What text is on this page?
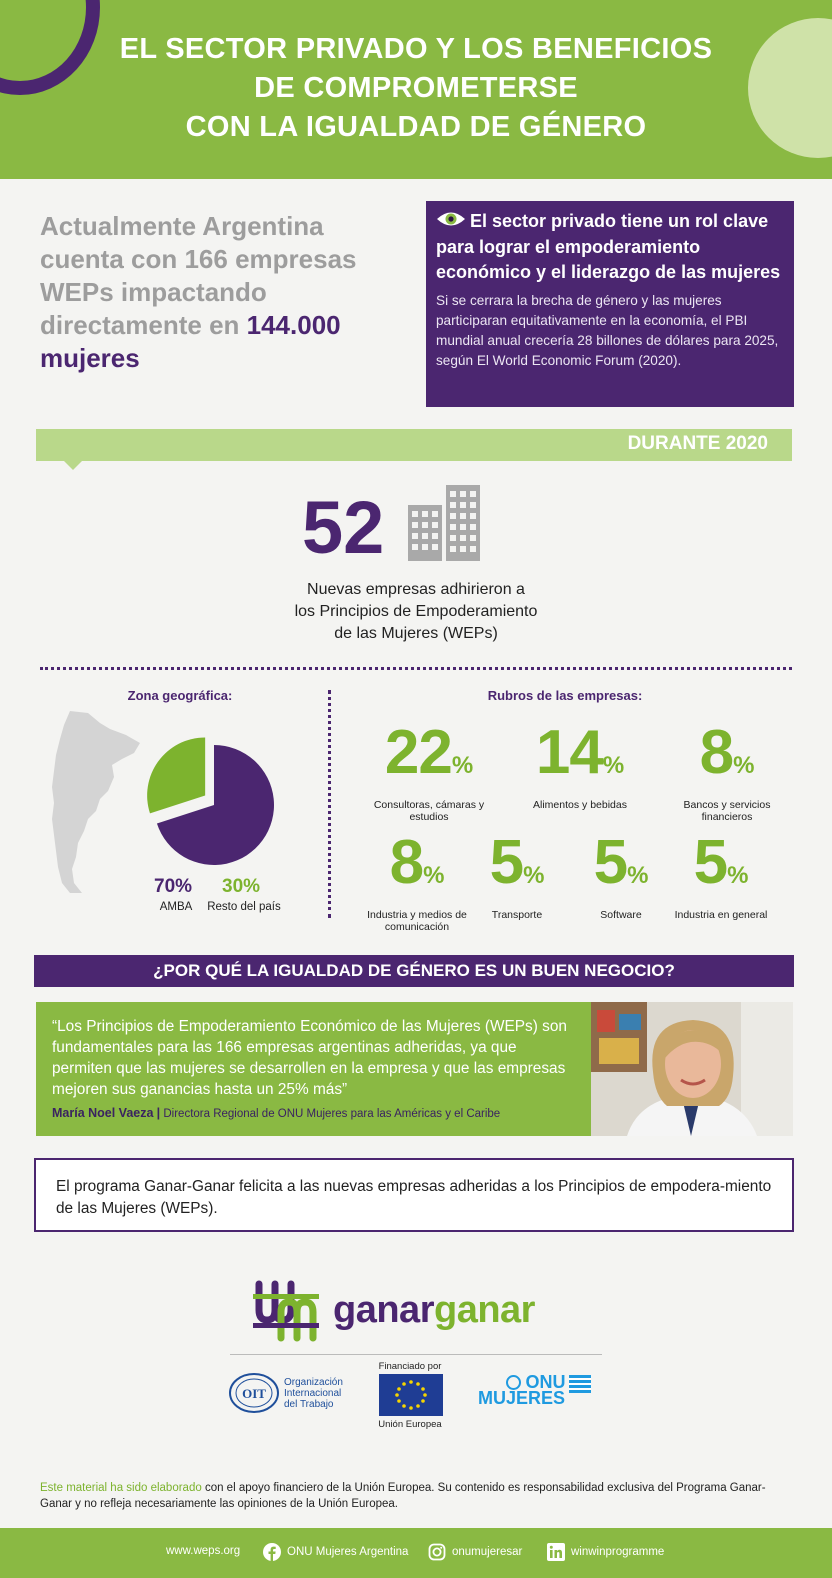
EL SECTOR PRIVADO Y LOS BENEFICIOS
DE COMPROMETERSE
CON LA IGUALDAD DE GÉNERO
Actualmente Argentina cuenta con 166 empresas WEPs impactando directamente en 144.000 mujeres
El sector privado tiene un rol clave para lograr el empoderamiento económico y el liderazgo de las mujeres
Si se cerrara la brecha de género y las mujeres participaran equitativamente en la economía, el PBI mundial anual crecería 28 billones de dólares para 2025, según El World Economic Forum (2020).
DURANTE 2020
52
Nuevas empresas adhirieron a
los Principios de Empoderamiento
de las Mujeres (WEPs)
Zona geográfica:
70%
AMBA
30%
Resto del país
Rubros de las empresas:
22%
Consultoras, cámaras y estudios
14%
Alimentos y bebidas
8%
Bancos y servicios financieros
8%
Industria y medios de comunicación
5%
Transporte
5%
Software
5%
Industria en general
¿POR QUÉ LA IGUALDAD DE GÉNERO ES UN BUEN NEGOCIO?
“Los Principios de Empoderamiento Económico de las Mujeres (WEPs) son fundamentales para las 166 empresas argentinas adheridas, ya que permiten que las mujeres se desarrollen en la empresa y que las empresas mejoren sus ganancias hasta un 25% más”
María Noel Vaeza | Directora Regional de ONU Mujeres para las Américas y el Caribe
El programa Ganar-Ganar felicita a las nuevas empresas adheridas a los Principios de empodera-miento de las Mujeres (WEPs).
ganarganar
OIT
Organización
Internacional
del Trabajo
Financiado por
Unión Europea
ONU
MUJERES
Este material ha sido elaborado con el apoyo financiero de la Unión Europea. Su contenido es responsabilidad exclusiva del Programa Ganar-Ganar y no refleja necesariamente las opiniones de la Unión Europea.
www.weps.org	ONU Mujeres Argentina	onumujeresar	winwinprogramme
